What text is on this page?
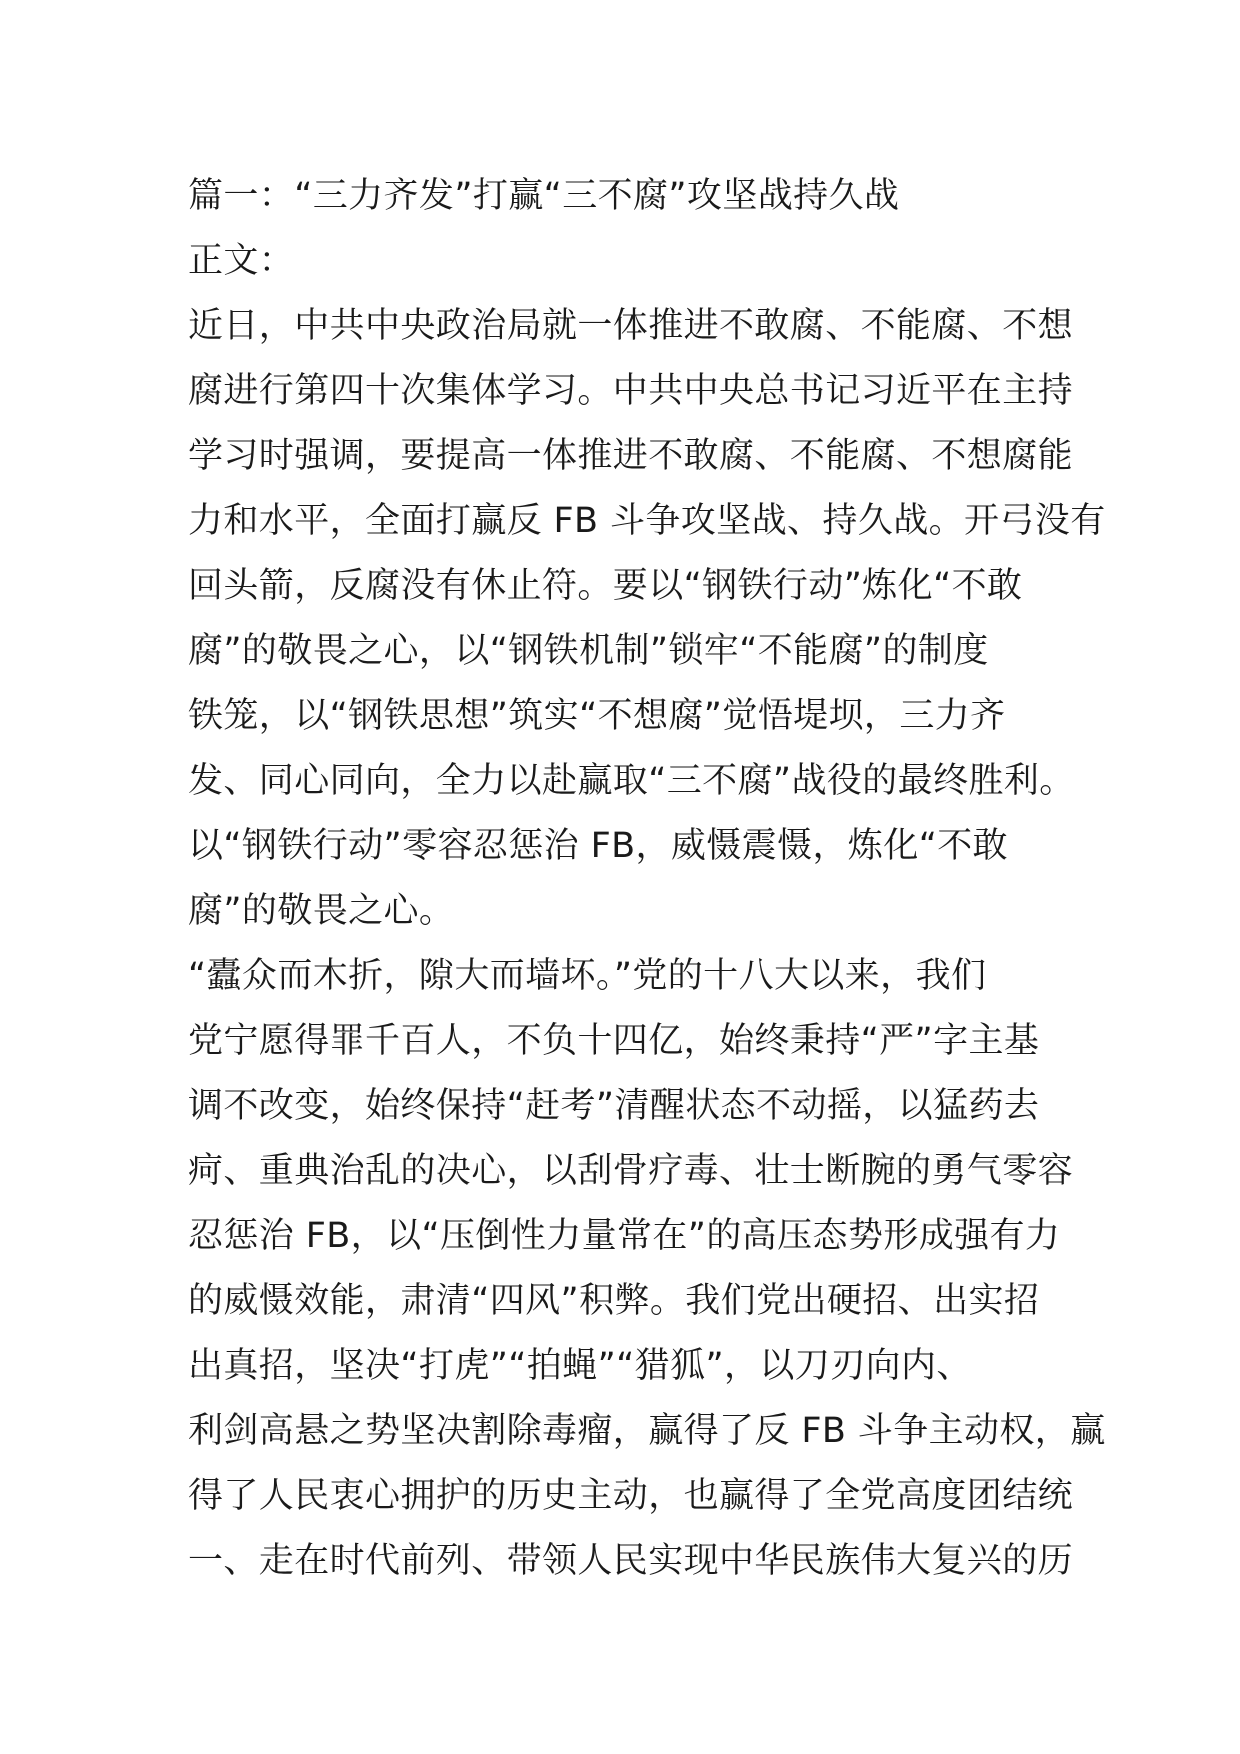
篇一：“三力齐发”打赢“三不腐”攻坚战持久战
正文：
近日，中共中央政治局就一体推进不敢腐、不能腐、不想
腐进行第四十次集体学习。中共中央总书记习近平在主持
学习时强调，要提高一体推进不敢腐、不能腐、不想腐能
力和水平，全面打赢反 FB 斗争攻坚战、持久战。开弓没有
回头箭，反腐没有休止符。要以“钢铁行动”炼化“不敢
腐”的敬畏之心，以“钢铁机制”锁牢“不能腐”的制度
铁笼，以“钢铁思想”筑实“不想腐”觉悟堤坝，三力齐
发、同心同向，全力以赴赢取“三不腐”战役的最终胜利。
以“钢铁行动”零容忍惩治 FB，威慑震慑，炼化“不敢
腐”的敬畏之心。
“蠹众而木折，隙大而墙坏。”党的十八大以来，我们
党宁愿得罪千百人，不负十四亿，始终秉持“严”字主基
调不改变，始终保持“赶考”清醒状态不动摇，以猛药去
疴、重典治乱的决心，以刮骨疗毒、壮士断腕的勇气零容
忍惩治 FB，以“压倒性力量常在”的高压态势形成强有力
的威慑效能，肃清“四风”积弊。我们党出硬招、出实招
出真招，坚决“打虎”“拍蝇”“猎狐”，以刀刃向内、
利剑高悬之势坚决割除毒瘤，赢得了反 FB 斗争主动权，赢
得了人民衷心拥护的历史主动，也赢得了全党高度团结统
一、走在时代前列、带领人民实现中华民族伟大复兴的历
